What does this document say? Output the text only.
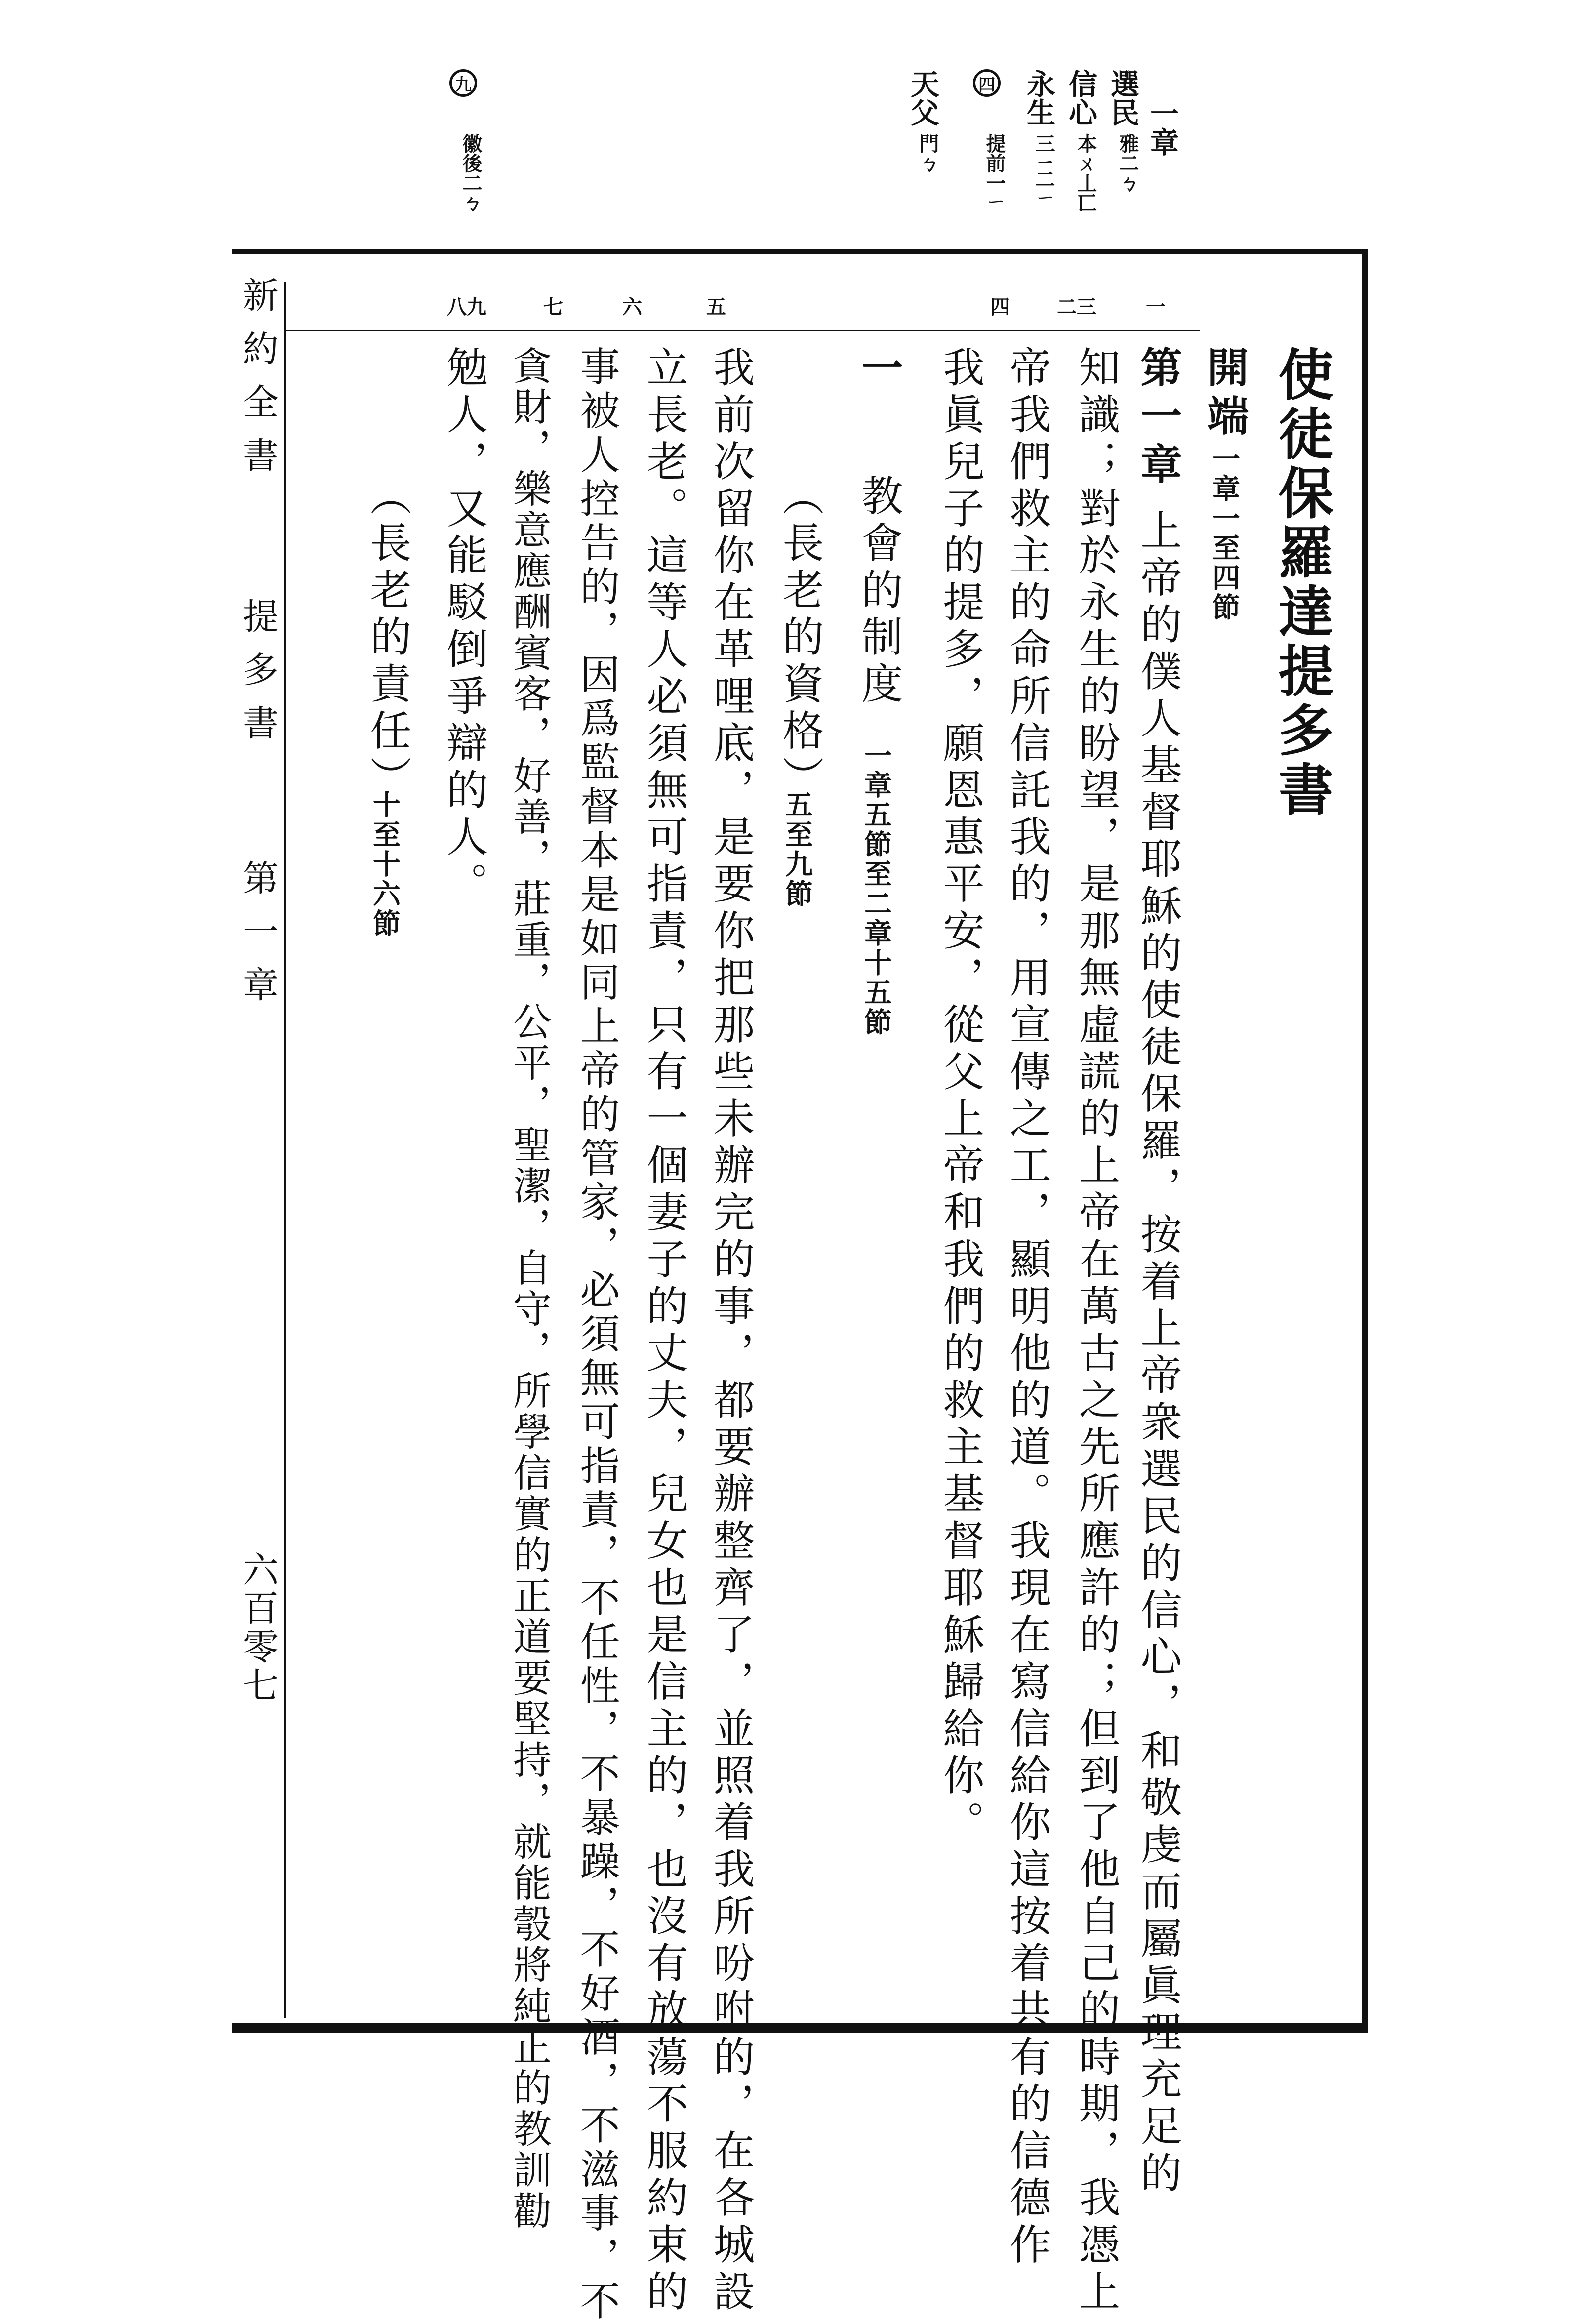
一章
選民
雅二ㄅ
信心
本ㄨ丄匸
永生
三ㄧ二ㄧ
四
提前一ㄧ
天父
門ㄅ
九
徽後二ㄅ
新約全書
提多書
第一章
六百零七
一
二三
四
五
六
七
八九
使徒保羅達提多書
開端
一章一至四節
第一章
上帝的僕人基督耶穌的使徒保羅，按着上帝衆選民的信心，和敬虔而屬眞理充足的
知識；對於永生的盼望，是那無虛謊的上帝在萬古之先所應許的；但到了他自己的時期，我憑上
帝我們救主的命所信託我的，用宣傳之工，顯明他的道。我現在寫信給你這按着共有的信德作
我眞兒子的提多，願恩惠平安，從父上帝和我們的救主基督耶穌歸給你。
一
教會的制度
一章五節至二章十五節
（長老的資格）
五至九節
我前次留你在革哩底，是要你把那些未辦完的事，都要辦整齊了，並照着我所吩咐的，在各城設
立長老。這等人必須無可指責，只有一個妻子的丈夫，兒女也是信主的，也沒有放蕩不服約束的
事被人控告的，因爲監督本是如同上帝的管家，必須無可指責，不任性，不暴躁，不好酒，不滋事，不
貪財，樂意應酬賓客，好善，莊重，公平，聖潔，自守，所學信實的正道要堅持，就能彀將純正的教訓勸
勉人，又能駁倒爭辯的人。
（長老的責任）
十至十六節
